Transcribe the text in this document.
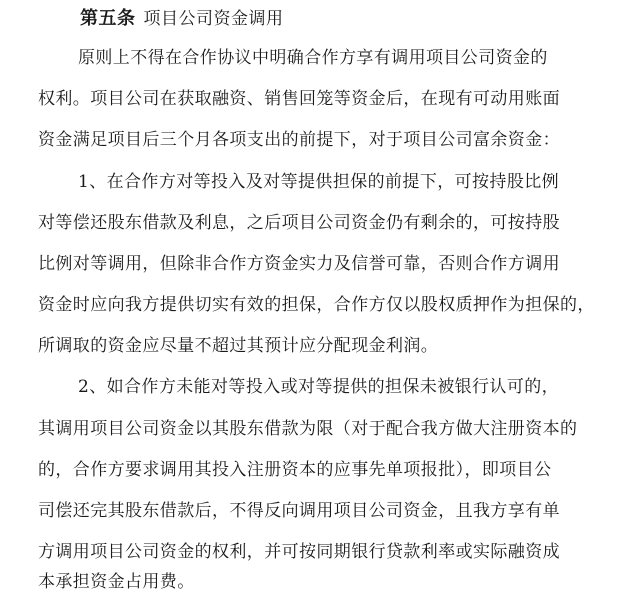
第五条 项目公司资金调用
原则上不得在合作协议中明确合作方享有调用项目公司资金的
权利。项目公司在获取融资、销售回笼等资金后，在现有可动用账面
资金满足项目后三个月各项支出的前提下，对于项目公司富余资金：
1、在合作方对等投入及对等提供担保的前提下，可按持股比例
对等偿还股东借款及利息，之后项目公司资金仍有剩余的，可按持股
比例对等调用，但除非合作方资金实力及信誉可靠，否则合作方调用
资金时应向我方提供切实有效的担保，合作方仅以股权质押作为担保的，
所调取的资金应尽量不超过其预计应分配现金利润。
2、如合作方未能对等投入或对等提供的担保未被银行认可的，
其调用项目公司资金以其股东借款为限（对于配合我方做大注册资本的
的，合作方要求调用其投入注册资本的应事先单项报批），即项目公
司偿还完其股东借款后，不得反向调用项目公司资金，且我方享有单
方调用项目公司资金的权利，并可按同期银行贷款利率或实际融资成
本承担资金占用费。
